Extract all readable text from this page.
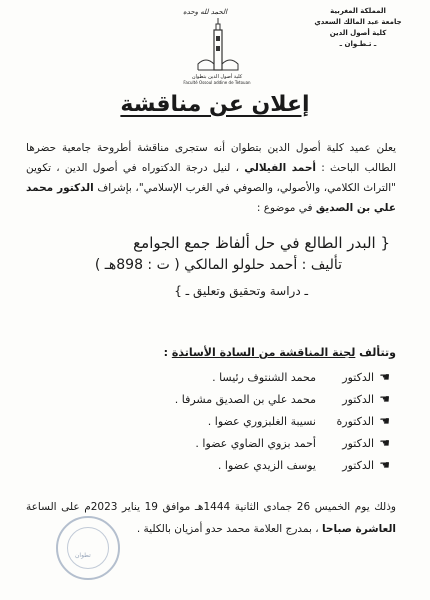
المملكة المغربية
جامعة عبد المالك السعدي
كلية أصول الدين
ـ تـطـوان ـ
الحمد لله وحده
كلية أصول الدين بتطوان
Faculté Ossoul addine de Tetouan
إعلان عن مناقشة
يعلن عميد كلية أصول الدين بتطوان أنه ستجرى مناقشة أطروحة جامعية حضرها الطالب الباحث : أحمد الفيلالي ، لنيل درجة الدكتوراه في أصول الدين ، تكوين "التراث الكلامي، والأصولي، والصوفي في الغرب الإسلامي"، بإشراف الدكتور محمد علي بن الصديق في موضوع :
{ البدر الطالع في حل ألفاظ جمع الجوامع
تأليف : أحمد حلولو المالكي ( ت : 898هـ )
ـ دراسة وتحقيق وتعليق ـ }
وتتألف لجنة المناقشة من السادة الأساتذة :
☚
الدكتور
محمد الشنتوف رئيسا .
☚
الدكتور
محمد علي بن الصديق مشرفا .
☚
الدكتورة
نسيبة الغلبزوري عضوا .
☚
الدكتور
أحمد بزوي الضاوي عضوا .
☚
الدكتور
يوسف الزيدي عضوا .
وذلك يوم الخميس 26 جمادى الثانية 1444هـ موافق 19 يناير 2023م على الساعة العاشرة صباحا ، بمدرج العلامة محمد حدو أمزيان بالكلية .
تطوان
